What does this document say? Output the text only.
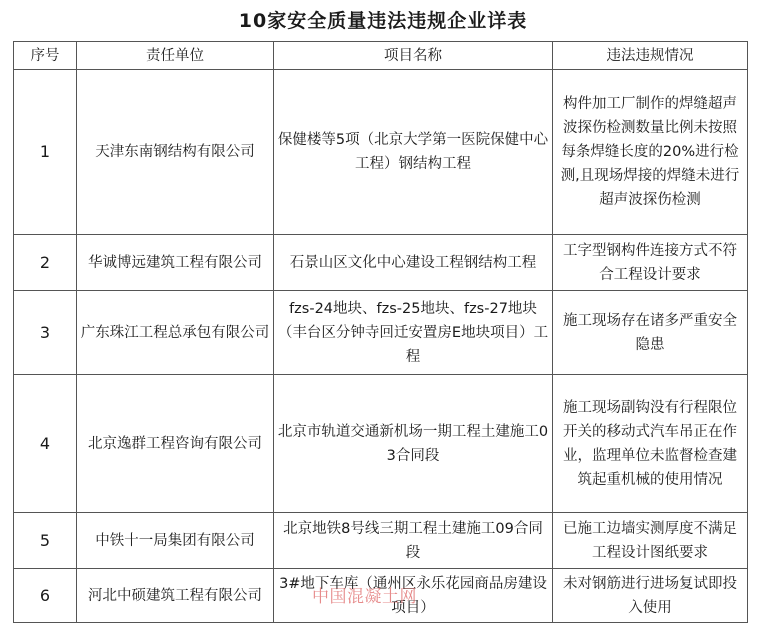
10家安全质量违法违规企业详表
序号	责任单位	项目名称	违法违规情况
1	天津东南钢结构有限公司	保健楼等5项（北京大学第一医院保健中心工程）钢结构工程	构件加工厂制作的焊缝超声波探伤检测数量比例未按照每条焊缝长度的20%进行检测,且现场焊接的焊缝未进行超声波探伤检测
2	华诚博远建筑工程有限公司	石景山区文化中心建设工程钢结构工程	工字型钢构件连接方式不符合工程设计要求
3	广东珠江工程总承包有限公司	fzs-24地块、fzs-25地块、fzs-27地块（丰台区分钟寺回迁安置房E地块项目）工程	施工现场存在诸多严重安全隐患
4	北京逸群工程咨询有限公司	北京市轨道交通新机场一期工程土建施工03合同段	施工现场副钩没有行程限位开关的移动式汽车吊正在作业，监理单位未监督检查建筑起重机械的使用情况
5	中铁十一局集团有限公司	北京地铁8号线三期工程土建施工09合同段	已施工边墙实测厚度不满足工程设计图纸要求
6	河北中硕建筑工程有限公司	3#地下车库（通州区永乐花园商品房建设项目）	未对钢筋进行进场复试即投入使用
中国混凝土网
